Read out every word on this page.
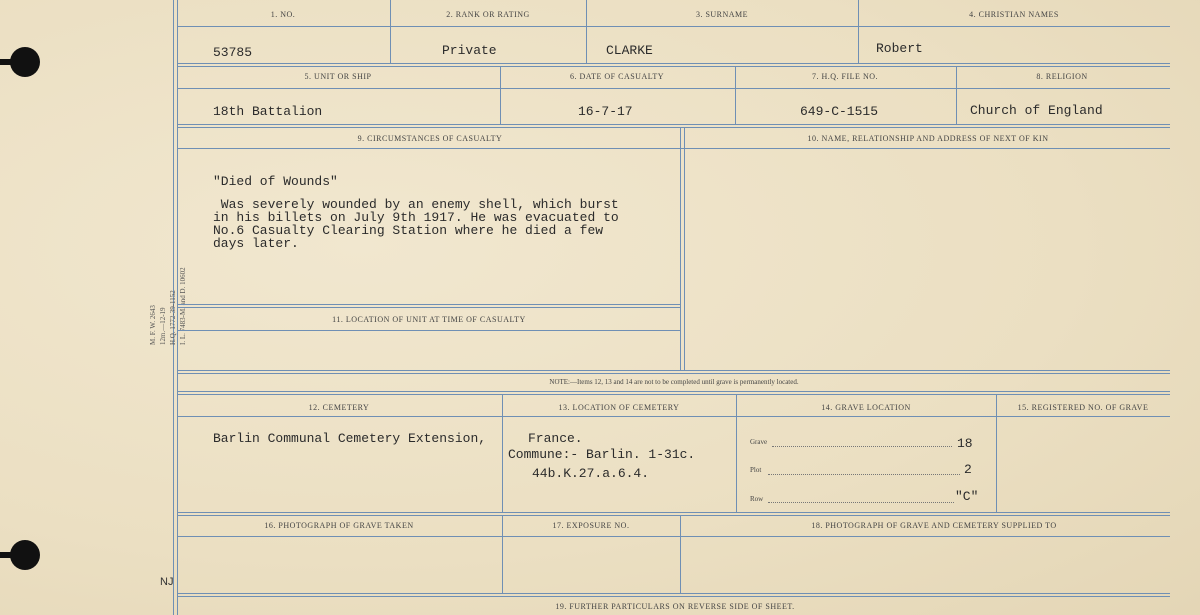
M. F. W. 2643 12m.—12-19 H.Q. 1772-39-1152
NJ
1. NO.	2. RANK OR RATING	3. SURNAME	4. CHRISTIAN NAMES
53785	Private	CLARKE	Robert
5. UNIT OR SHIP	6. DATE OF CASUALTY	7. H.Q. FILE NO.	8. RELIGION
18th Battalion	16-7-17	649-C-1515	Church of England
9. CIRCUMSTANCES OF CASUALTY	10. NAME, RELATIONSHIP AND ADDRESS OF NEXT OF KIN
"Died of Wounds"
Was severely wounded by an enemy shell, which burst
in his billets on July 9th 1917. He was evacuated to
No.6 Casualty Clearing Station where he died a few
days later.
11. LOCATION OF UNIT AT TIME OF CASUALTY
NOTE:—Items 12, 13 and 14 are not to be completed until grave is permanently located.
12. CEMETERY	13. LOCATION OF CEMETERY	14. GRAVE LOCATION	15. REGISTERED NO. OF GRAVE
Barlin Communal Cemetery Extension,	France.
Commune:- Barlin. 1-31c.
44b.K.27.a.6.4.
Grave	18
Plot	2
Row	"C"
16. PHOTOGRAPH OF GRAVE TAKEN	17. EXPOSURE NO.	18. PHOTOGRAPH OF GRAVE AND CEMETERY SUPPLIED TO
19. FURTHER PARTICULARS ON REVERSE SIDE OF SHEET.
